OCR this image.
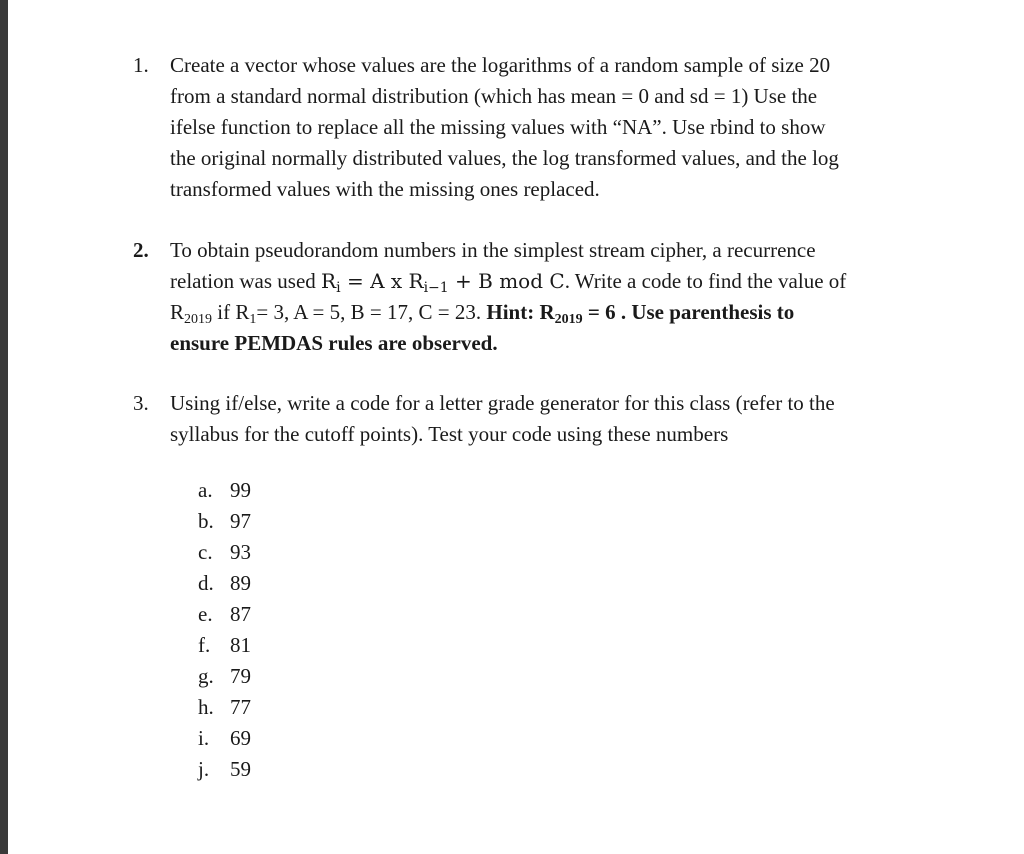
1.	Create a vector whose values are the logarithms of a random sample of size 20
from a standard normal distribution (which has mean = 0 and sd = 1) Use the
ifelse function to replace all the missing values with “NA”. Use rbind to show
the original normally distributed values, the log transformed values, and the log
transformed values with the missing ones replaced.
2.	To obtain pseudorandom numbers in the simplest stream cipher, a recurrence
relation was used $R_i = A$ x $R_{i-1} + B$ mod C. Write a code to find the value of
$R_{2019}$ if $R_1= 3$, A = 5, B = 17, C = 23. Hint: $R_{2019} = 6$ . Use parenthesis to
ensure PEMDAS rules are observed.
3.	Using if/else, write a code for a letter grade generator for this class (refer to the
syllabus for the cutoff points). Test your code using these numbers
a. 99
b. 97
c. 93
d. 89
e. 87
f. 81
g. 79
h. 77
i. 69
j. 59
